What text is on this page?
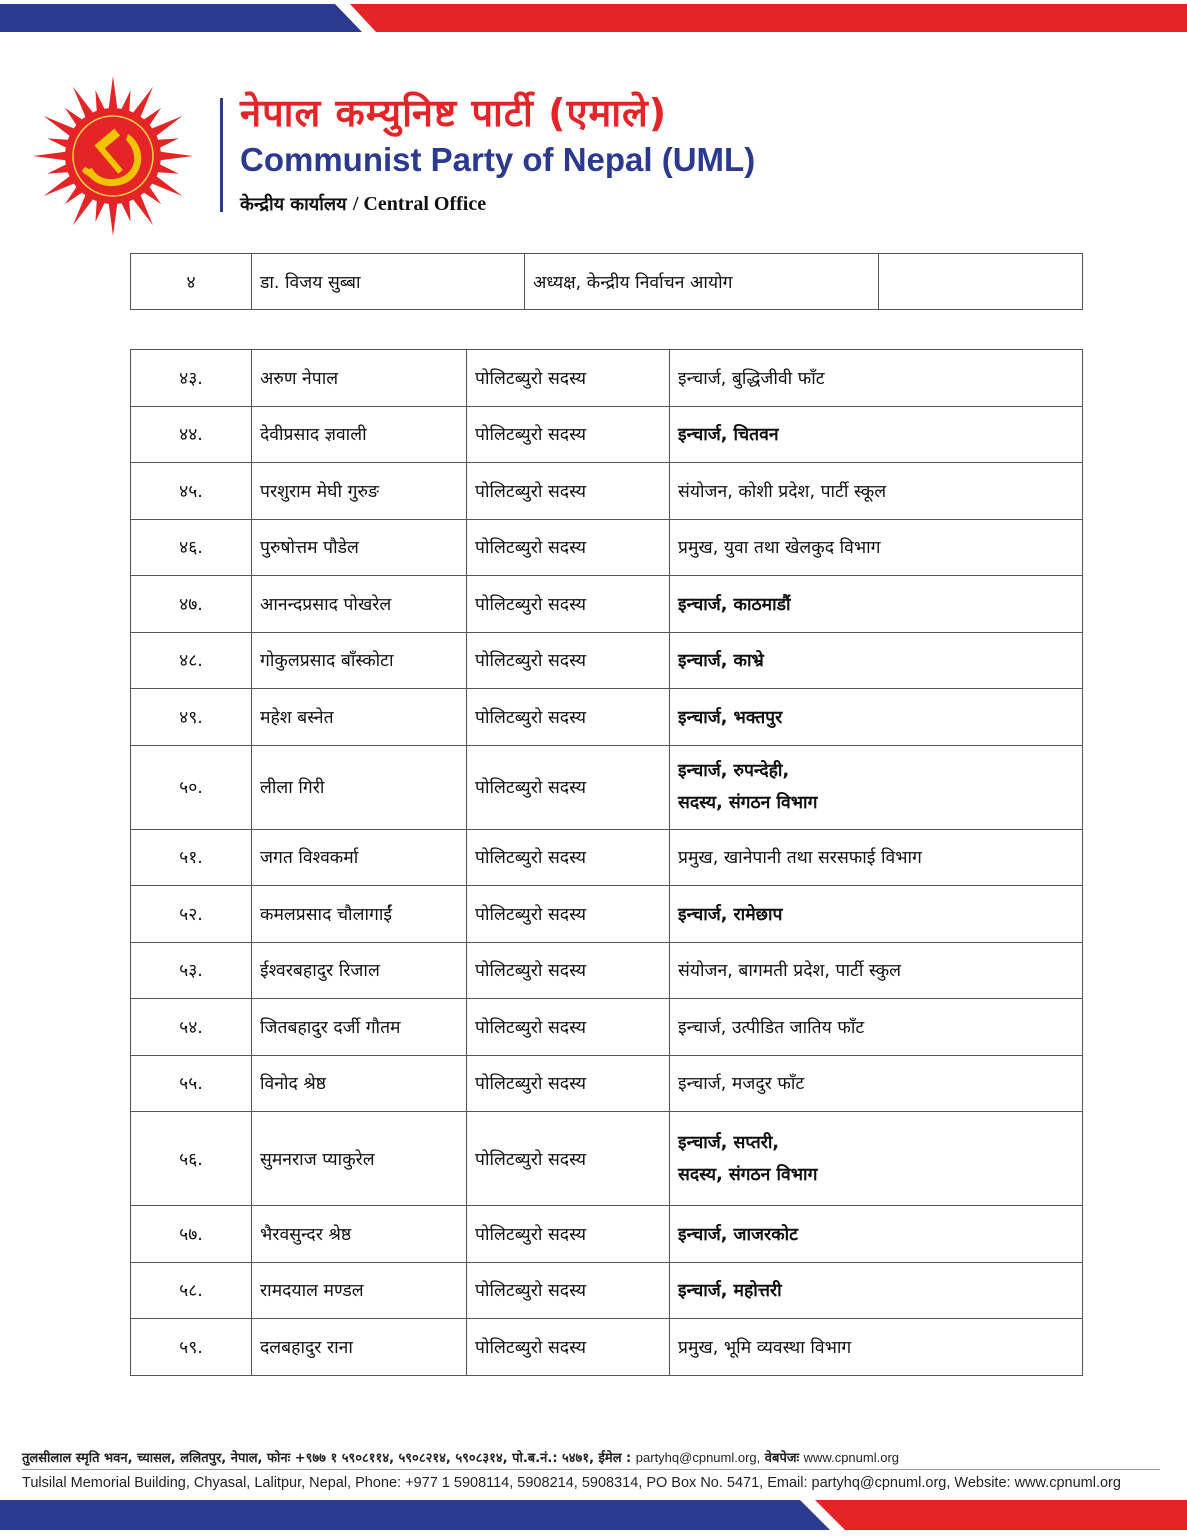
नेपाल कम्युनिष्ट पार्टी (एमाले)
Communist Party of Nepal (UML)
केन्द्रीय कार्यालय / Central Office
४	डा. विजय सुब्बा	अध्यक्ष, केन्द्रीय निर्वाचन आयोग	
४३.	अरुण नेपाल	पोलिटब्युरो सदस्य	इन्चार्ज, बुद्धिजीवी फाँट
४४.	देवीप्रसाद ज्ञवाली	पोलिटब्युरो सदस्य	इन्चार्ज, चितवन
४५.	परशुराम मेघी गुरुङ	पोलिटब्युरो सदस्य	संयोजन, कोशी प्रदेश, पार्टी स्कूल
४६.	पुरुषोत्तम पौडेल	पोलिटब्युरो सदस्य	प्रमुख, युवा तथा खेलकुद विभाग
४७.	आनन्दप्रसाद पोखरेल	पोलिटब्युरो सदस्य	इन्चार्ज, काठमाडौं
४८.	गोकुलप्रसाद बाँस्कोटा	पोलिटब्युरो सदस्य	इन्चार्ज, काभ्रे
४९.	महेश बस्नेत	पोलिटब्युरो सदस्य	इन्चार्ज, भक्तपुर
५०.	लीला गिरी	पोलिटब्युरो सदस्य	इन्चार्ज, रुपन्देही,
सदस्य, संगठन विभाग

५१.	जगत विश्वकर्मा	पोलिटब्युरो सदस्य	प्रमुख, खानेपानी तथा सरसफाई विभाग
५२.	कमलप्रसाद चौलागाईं	पोलिटब्युरो सदस्य	इन्चार्ज, रामेछाप
५३.	ईश्वरबहादुर रिजाल	पोलिटब्युरो सदस्य	संयोजन, बागमती प्रदेश, पार्टी स्कुल
५४.	जितबहादुर दर्जी गौतम	पोलिटब्युरो सदस्य	इन्चार्ज, उत्पीडित जातिय फाँट
५५.	विनोद श्रेष्ठ	पोलिटब्युरो सदस्य	इन्चार्ज, मजदुर फाँट
५६.	सुमनराज प्याकुरेल	पोलिटब्युरो सदस्य	इन्चार्ज, सप्तरी,
सदस्य, संगठन विभाग

५७.	भैरवसुन्दर श्रेष्ठ	पोलिटब्युरो सदस्य	इन्चार्ज, जाजरकोट
५८.	रामदयाल मण्डल	पोलिटब्युरो सदस्य	इन्चार्ज, महोत्तरी
५९.	दलबहादुर राना	पोलिटब्युरो सदस्य	प्रमुख, भूमि व्यवस्था विभाग
तुलसीलाल स्मृति भवन, च्यासल, ललितपुर, नेपाल, फोनः +९७७ १ ५९०८११४, ५९०८२१४, ५९०८३१४, पो.ब.नं.: ५४७१, ईमेल : partyhq@cpnuml.org, वेबपेजः www.cpnuml.org
Tulsilal Memorial Building, Chyasal, Lalitpur, Nepal, Phone: +977 1 5908114, 5908214, 5908314, PO Box No. 5471, Email: partyhq@cpnuml.org, Website: www.cpnuml.org
